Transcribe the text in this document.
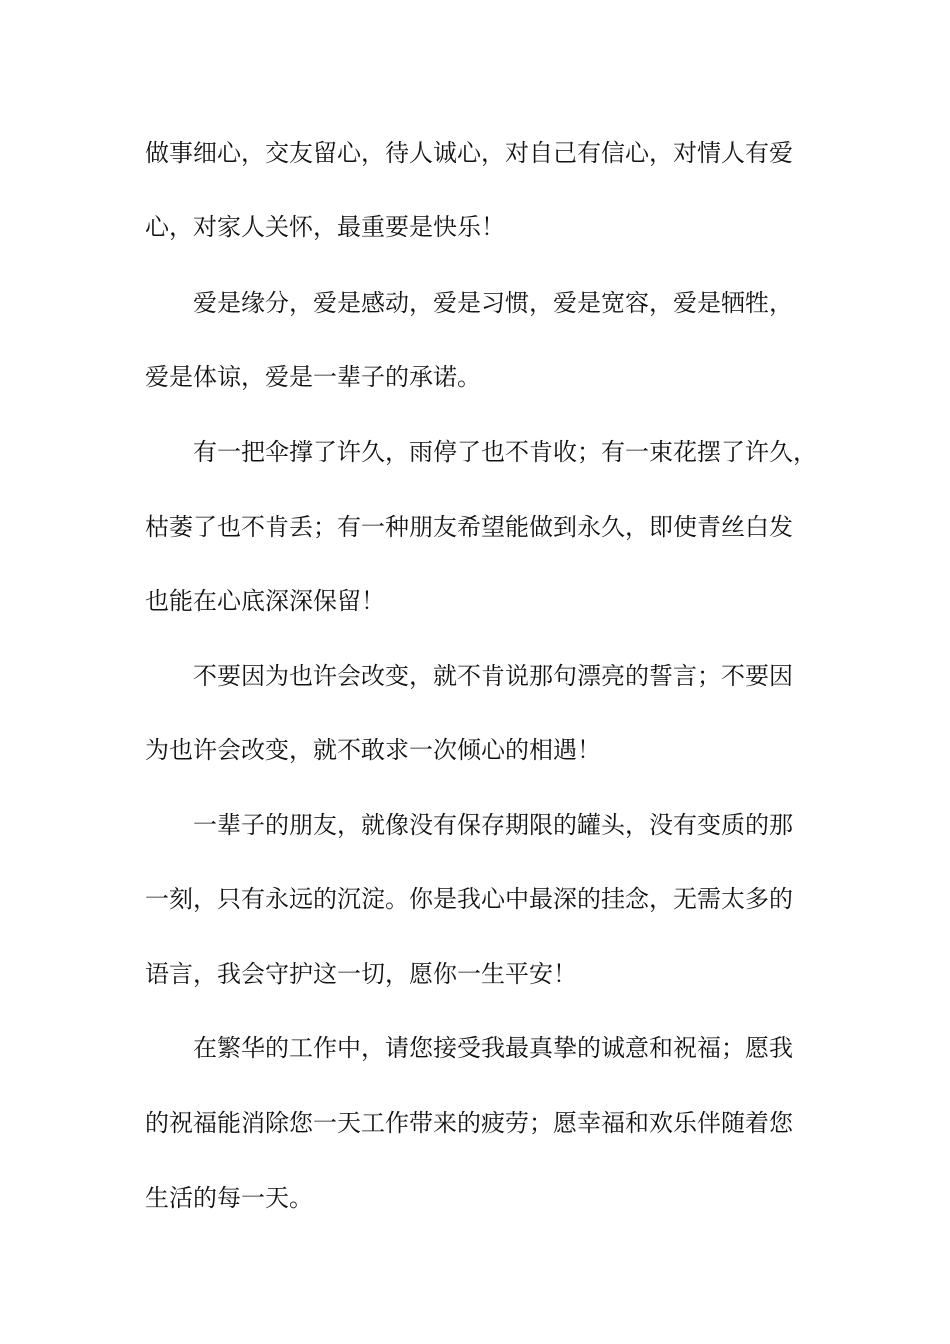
做事细心，交友留心，待人诚心，对自己有信心，对情人有爱
心，对家人关怀，最重要是快乐！
爱是缘分，爱是感动，爱是习惯，爱是宽容，爱是牺牲，
爱是体谅，爱是一辈子的承诺。
有一把伞撑了许久，雨停了也不肯收；有一束花摆了许久，
枯萎了也不肯丢；有一种朋友希望能做到永久，即使青丝白发
也能在心底深深保留！
不要因为也许会改变，就不肯说那句漂亮的誓言；不要因
为也许会改变，就不敢求一次倾心的相遇！
一辈子的朋友，就像没有保存期限的罐头，没有变质的那
一刻，只有永远的沉淀。你是我心中最深的挂念，无需太多的
语言，我会守护这一切，愿你一生平安！
在繁华的工作中，请您接受我最真挚的诚意和祝福；愿我
的祝福能消除您一天工作带来的疲劳；愿幸福和欢乐伴随着您
生活的每一天。
